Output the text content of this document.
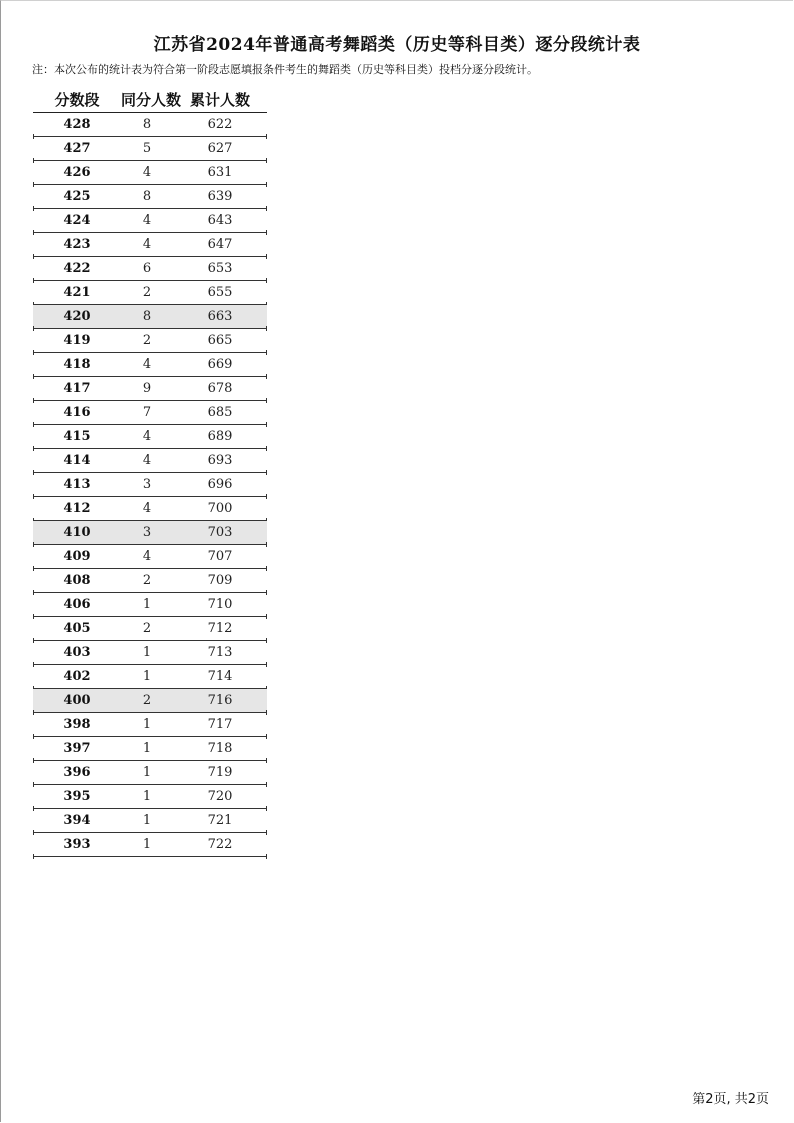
江苏省2024年普通高考舞蹈类（历史等科目类）逐分段统计表
注：本次公布的统计表为符合第一阶段志愿填报条件考生的舞蹈类（历史等科目类）投档分逐分段统计。
分数段	同分人数	累计人数

428	8	622

427	5	627

426	4	631

425	8	639

424	4	643

423	4	647

422	6	653

421	2	655

420	8	663

419	2	665

418	4	669

417	9	678

416	7	685

415	4	689

414	4	693

413	3	696

412	4	700

410	3	703

409	4	707

408	2	709

406	1	710

405	2	712

403	1	713

402	1	714

400	2	716

398	1	717

397	1	718

396	1	719

395	1	720

394	1	721

393	1	722
第2页, 共2页
